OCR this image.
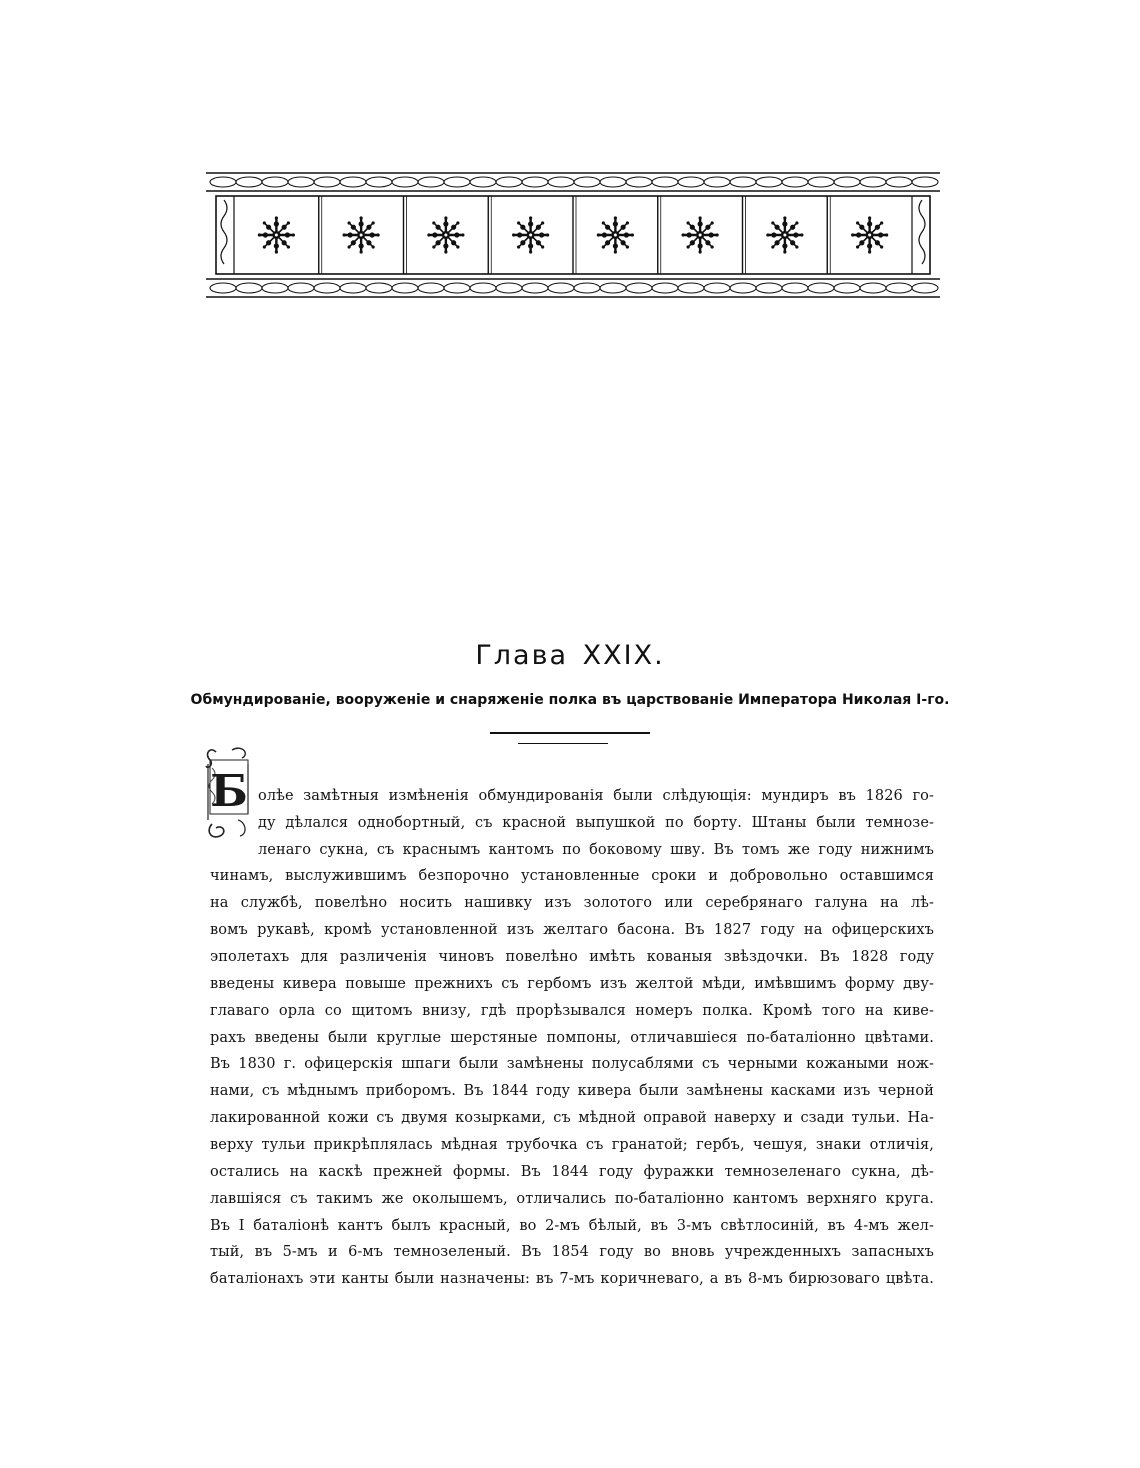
Глава XXIX.
Обмундированіе, вооруженіе и снаряженіе полка въ царствованіе Императора Николая I-го.
Б олѣе замѣтныя измѣненія обмундированія были слѣдующія: мундиръ въ 1826 го-
ду дѣлался однобортный, съ красной выпушкой по борту. Штаны были темнозе-
ленаго сукна, съ краснымъ кантомъ по боковому шву. Въ томъ же году нижнимъ
чинамъ, выслужившимъ безпорочно установленные сроки и добровольно оставшимся
на службѣ, повелѣно носить нашивку изъ золотого или серебрянаго галуна на лѣ-
вомъ рукавѣ, кромѣ установленной изъ желтаго басона. Въ 1827 году на офицерскихъ
эполетахъ для различенія чиновъ повелѣно имѣть кованыя звѣздочки. Въ 1828 году
введены кивера повыше прежнихъ съ гербомъ изъ желтой мѣди, имѣвшимъ форму дву-
главаго орла со щитомъ внизу, гдѣ прорѣзывался номеръ полка. Кромѣ того на киве-
рахъ введены были круглые шерстяные помпоны, отличавшіеся по-баталіонно цвѣтами.
Въ 1830 г. офицерскія шпаги были замѣнены полусаблями съ черными кожаными нож-
нами, съ мѣднымъ приборомъ. Въ 1844 году кивера были замѣнены касками изъ черной
лакированной кожи съ двумя козырками, съ мѣдной оправой наверху и сзади тульи. На-
верху тульи прикрѣплялась мѣдная трубочка съ гранатой; гербъ, чешуя, знаки отличія,
остались на каскѣ прежней формы. Въ 1844 году фуражки темнозеленаго сукна, дѣ-
лавшіяся съ такимъ же околышемъ, отличались по-баталіонно кантомъ верхняго круга.
Въ I баталіонѣ кантъ былъ красный, во 2-мъ бѣлый, въ 3-мъ свѣтлосиній, въ 4-мъ жел-
тый, въ 5-мъ и 6-мъ темнозеленый. Въ 1854 году во вновь учрежденныхъ запасныхъ
баталіонахъ эти канты были назначены: въ 7-мъ коричневаго, а въ 8-мъ бирюзоваго цвѣта.
